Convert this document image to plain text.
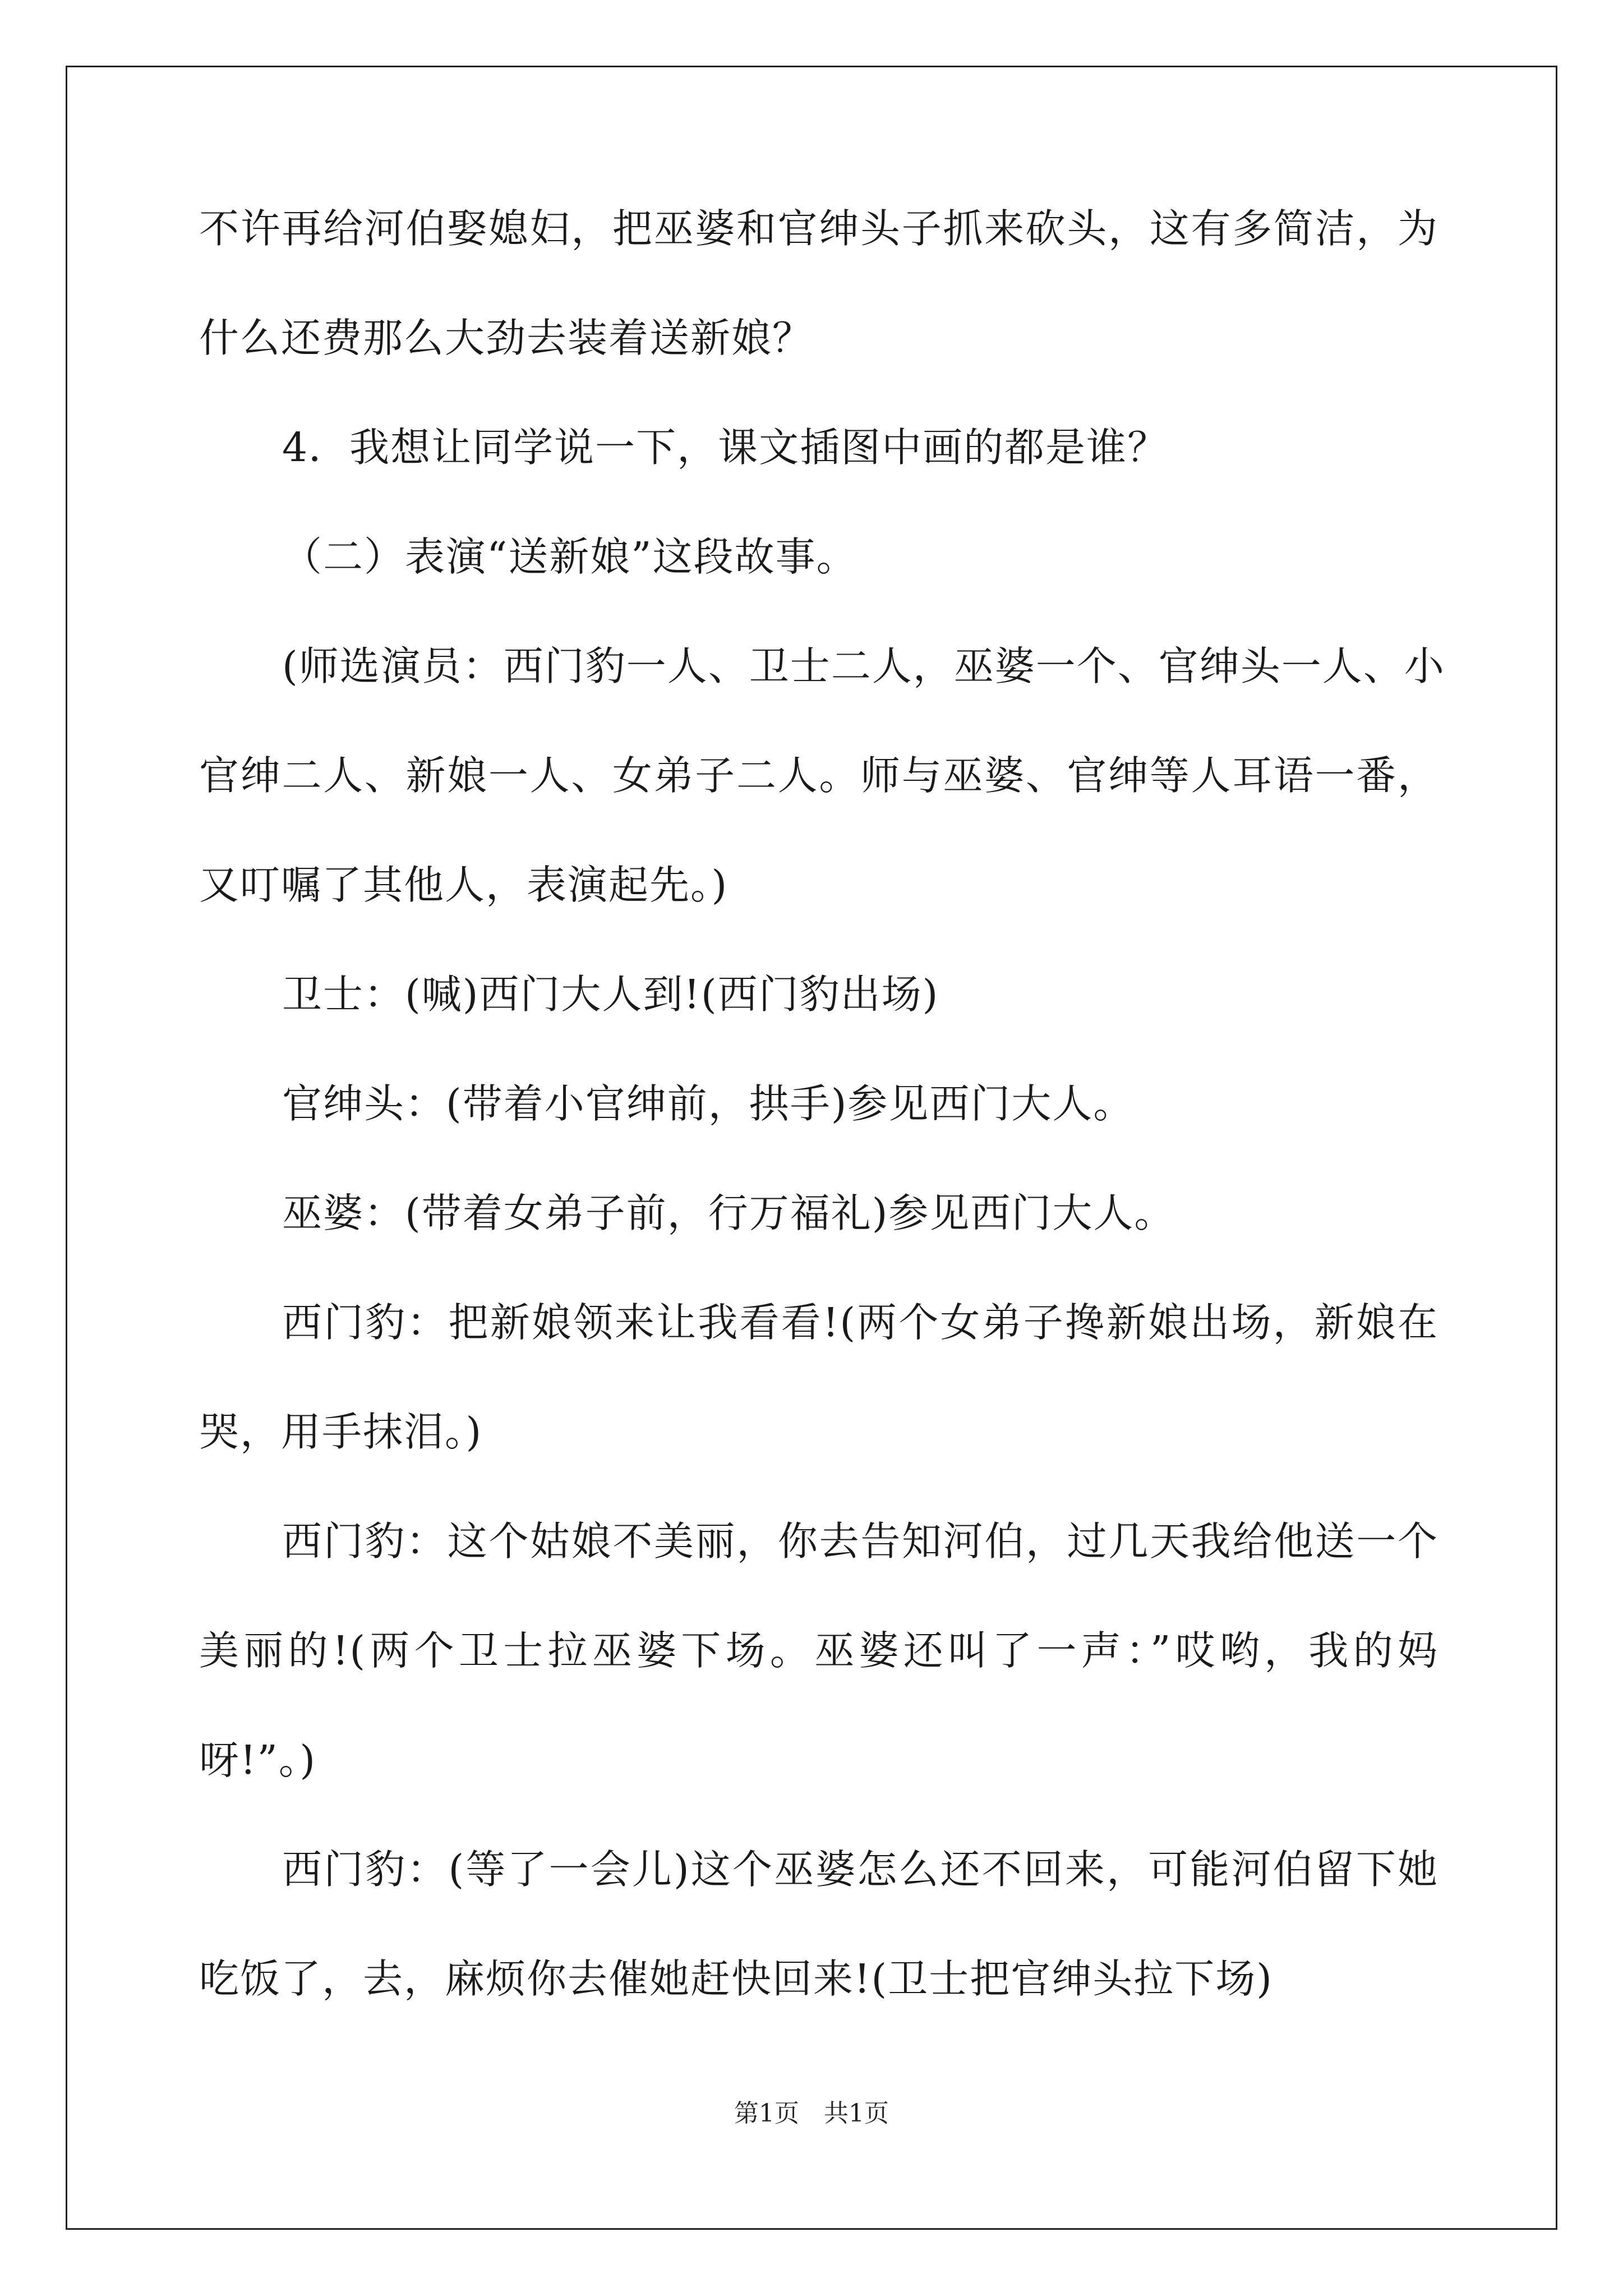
不许再给河伯娶媳妇，把巫婆和官绅头子抓来砍头，这有多简洁，为
什么还费那么大劲去装着送新娘？
4．我想让同学说一下，课文插图中画的都是谁？
（二）表演“送新娘”这段故事。
(师选演员：西门豹一人、卫士二人，巫婆一个、官绅头一人、小
官绅二人、新娘一人、女弟子二人。师与巫婆、官绅等人耳语一番，
又叮嘱了其他人，表演起先。)
卫士：(喊)西门大人到!(西门豹出场)
官绅头：(带着小官绅前，拱手)参见西门大人。
巫婆：(带着女弟子前，行万福礼)参见西门大人。
西门豹：把新娘领来让我看看!(两个女弟子搀新娘出场，新娘在
哭，用手抹泪。)
西门豹：这个姑娘不美丽，你去告知河伯，过几天我给他送一个
美丽的!(两个卫士拉巫婆下场。巫婆还叫了一声：”哎哟，我的妈
呀!”。)
西门豹：(等了一会儿)这个巫婆怎么还不回来，可能河伯留下她
吃饭了，去，麻烦你去催她赶快回来!(卫士把官绅头拉下场)
第1页　共1页
